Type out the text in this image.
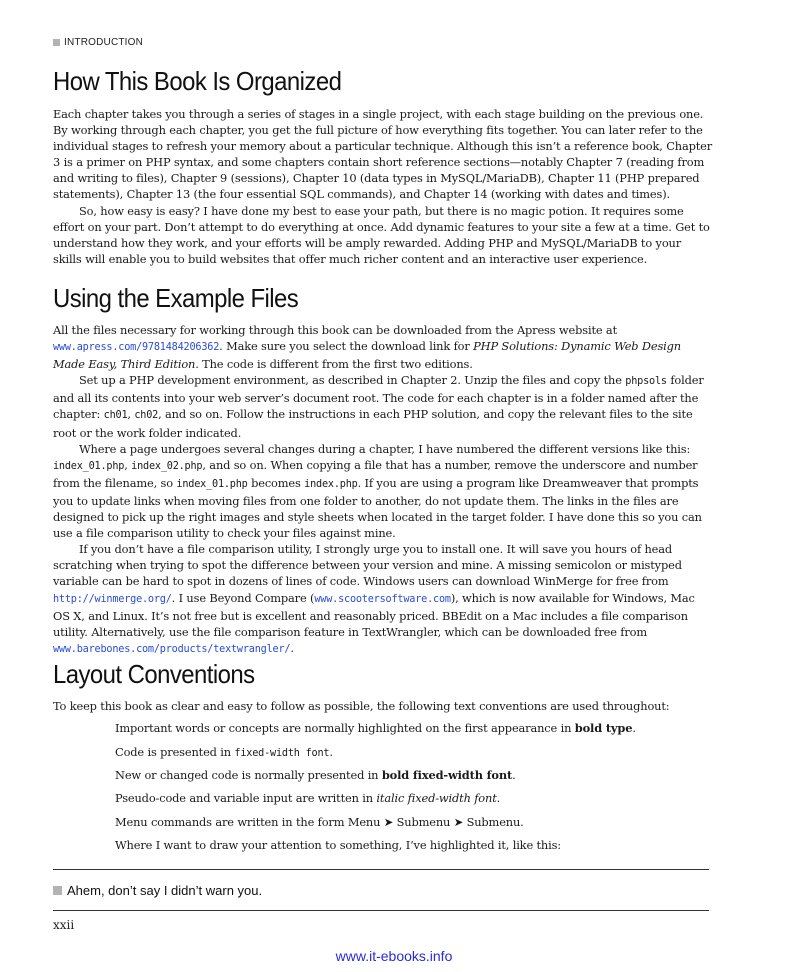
INTRODUCTION
How This Book Is Organized

Each chapter takes you through a series of stages in a single project, with each stage building on the previous one. By working through each chapter, you get the full picture of how everything fits together. You can later refer to the individual stages to refresh your memory about a particular technique. Although this isn’t a reference book, Chapter 3 is a primer on PHP syntax, and some chapters contain short reference sections—notably Chapter 7 (reading from and writing to files), Chapter 9 (sessions), Chapter 10 (data types in MySQL/MariaDB), Chapter 11 (PHP prepared statements), Chapter 13 (the four essential SQL commands), and Chapter 14 (working with dates and times).

So, how easy is easy? I have done my best to ease your path, but there is no magic potion. It requires some effort on your part. Don’t attempt to do everything at once. Add dynamic features to your site a few at a time. Get to understand how they work, and your efforts will be amply rewarded. Adding PHP and MySQL/MariaDB to your skills will enable you to build websites that offer much richer content and an interactive user experience.

Using the Example Files

All the files necessary for working through this book can be downloaded from the Apress website at www.apress.com/9781484206362. Make sure you select the download link for PHP Solutions: Dynamic Web Design Made Easy, Third Edition. The code is different from the first two editions.

Set up a PHP development environment, as described in Chapter 2. Unzip the files and copy the phpsols folder and all its contents into your web server’s document root. The code for each chapter is in a folder named after the chapter: ch01, ch02, and so on. Follow the instructions in each PHP solution, and copy the relevant files to the site root or the work folder indicated.

Where a page undergoes several changes during a chapter, I have numbered the different versions like this: index_01.php, index_02.php, and so on. When copying a file that has a number, remove the underscore and number from the filename, so index_01.php becomes index.php. If you are using a program like Dreamweaver that prompts you to update links when moving files from one folder to another, do not update them. The links in the files are designed to pick up the right images and style sheets when located in the target folder. I have done this so you can use a file comparison utility to check your files against mine.

If you don’t have a file comparison utility, I strongly urge you to install one. It will save you hours of head scratching when trying to spot the difference between your version and mine. A missing semicolon or mistyped variable can be hard to spot in dozens of lines of code. Windows users can download WinMerge for free from http://winmerge.org/. I use Beyond Compare (www.scootersoftware.com), which is now available for Windows, Mac OS X, and Linux. It’s not free but is excellent and reasonably priced. BBEdit on a Mac includes a file comparison utility. Alternatively, use the file comparison feature in TextWrangler, which can be downloaded free from www.barebones.com/products/textwrangler/.

Layout Conventions
To keep this book as clear and easy to follow as possible, the following text conventions are used throughout:
Important words or concepts are normally highlighted on the first appearance in bold type.
Code is presented in fixed-width font.
New or changed code is normally presented in bold fixed-width font.
Pseudo-code and variable input are written in italic fixed-width font.
Menu commands are written in the form Menu ➤ Submenu ➤ Submenu.
Where I want to draw your attention to something, I’ve highlighted it, like this:
Ahem, don’t say I didn’t warn you.
xxii
www.it-ebooks.info
